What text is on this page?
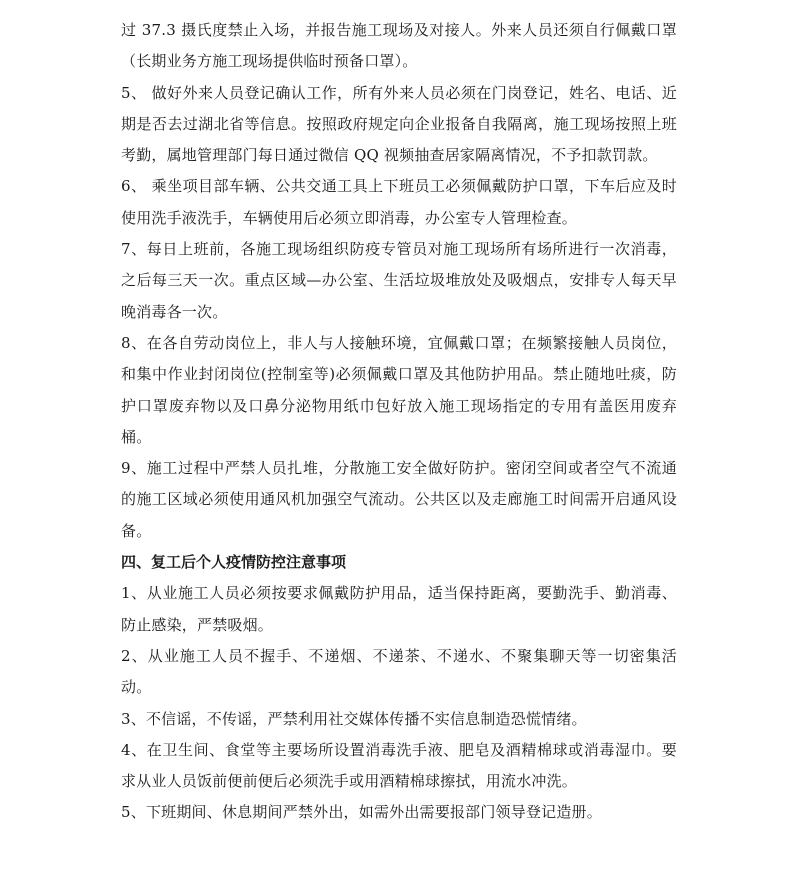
过 37.3 摄氏度禁止入场，并报告施工现场及对接人。外来人员还须自行佩戴口罩（长期业务方施工现场提供临时预备口罩）。

5、 做好外来人员登记确认工作，所有外来人员必须在门岗登记，姓名、电话、近期是否去过湖北省等信息。按照政府规定向企业报备自我隔离，施工现场按照上班考勤，属地管理部门每日通过微信 QQ 视频抽查居家隔离情况，不予扣款罚款。

6、 乘坐项目部车辆、公共交通工具上下班员工必须佩戴防护口罩，下车后应及时使用洗手液洗手，车辆使用后必须立即消毒，办公室专人管理检查。

7、每日上班前，各施工现场组织防疫专管员对施工现场所有场所进行一次消毒，之后每三天一次。重点区域—办公室、生活垃圾堆放处及吸烟点，安排专人每天早晚消毒各一次。

8、在各自劳动岗位上，非人与人接触环境，宜佩戴口罩；在频繁接触人员岗位，和集中作业封闭岗位(控制室等)必须佩戴口罩及其他防护用品。禁止随地吐痰，防护口罩废弃物以及口鼻分泌物用纸巾包好放入施工现场指定的专用有盖医用废弃桶。

9、施工过程中严禁人员扎堆，分散施工安全做好防护。密闭空间或者空气不流通的施工区域必须使用通风机加强空气流动。公共区以及走廊施工时间需开启通风设备。

四、复工后个人疫情防控注意事项

1、从业施工人员必须按要求佩戴防护用品，适当保持距离，要勤洗手、勤消毒、防止感染，严禁吸烟。

2、从业施工人员不握手、不递烟、不递茶、不递水、不聚集聊天等一切密集活动。

3、不信谣，不传谣，严禁利用社交媒体传播不实信息制造恐慌情绪。

4、在卫生间、食堂等主要场所设置消毒洗手液、肥皂及酒精棉球或消毒湿巾。要求从业人员饭前便前便后必须洗手或用酒精棉球擦拭，用流水冲洗。

5、下班期间、休息期间严禁外出，如需外出需要报部门领导登记造册。
